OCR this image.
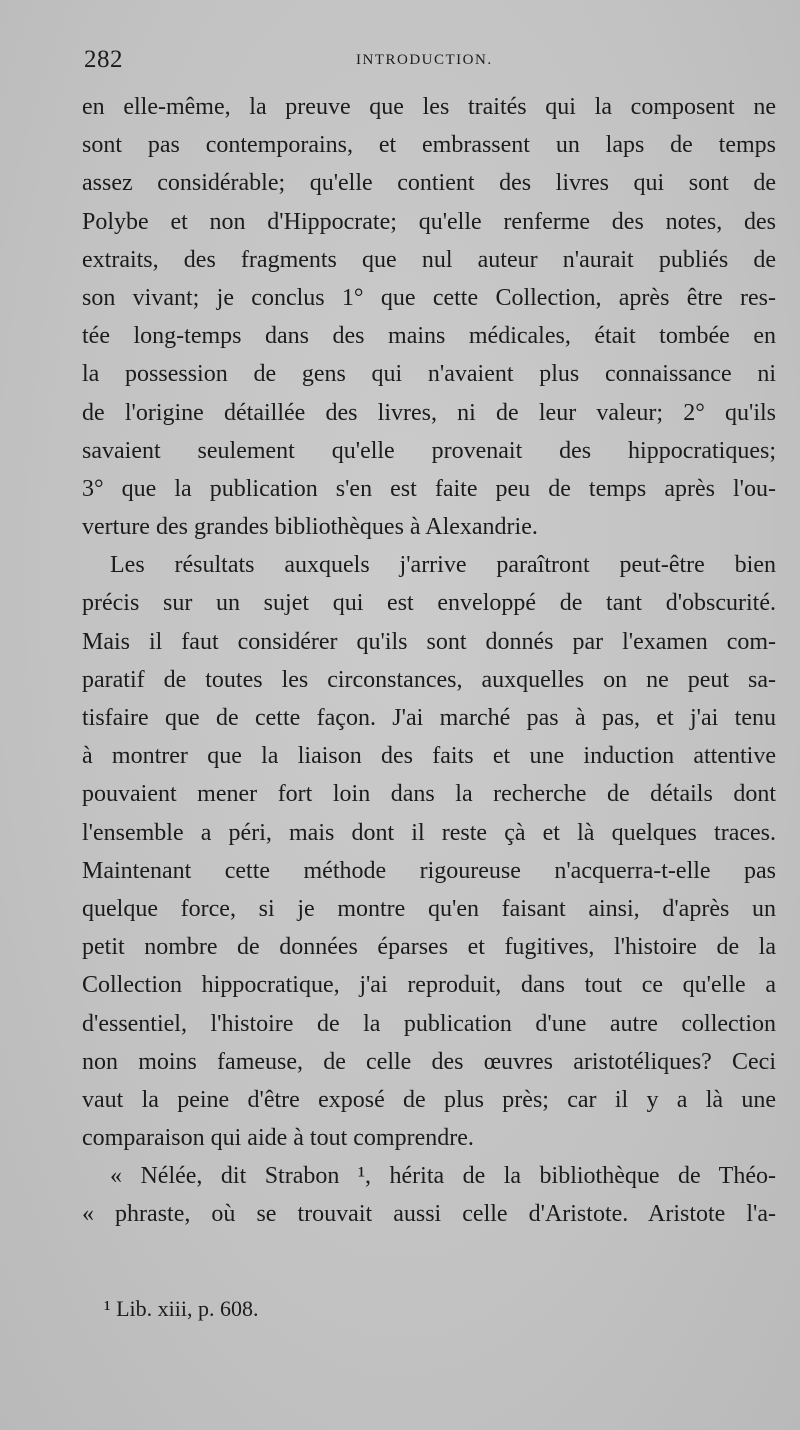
282	INTRODUCTION.
en elle-même, la preuve que les traités qui la composent ne
sont pas contemporains, et embrassent un laps de temps
assez considérable; qu'elle contient des livres qui sont de
Polybe et non d'Hippocrate; qu'elle renferme des notes, des
extraits, des fragments que nul auteur n'aurait publiés de
son vivant; je conclus 1° que cette Collection, après être res-
tée long-temps dans des mains médicales, était tombée en
la possession de gens qui n'avaient plus connaissance ni
de l'origine détaillée des livres, ni de leur valeur; 2° qu'ils
savaient seulement qu'elle provenait des hippocratiques;
3° que la publication s'en est faite peu de temps après l'ou-
verture des grandes bibliothèques à Alexandrie.
Les résultats auxquels j'arrive paraîtront peut-être bien
précis sur un sujet qui est enveloppé de tant d'obscurité.
Mais il faut considérer qu'ils sont donnés par l'examen com-
paratif de toutes les circonstances, auxquelles on ne peut sa-
tisfaire que de cette façon. J'ai marché pas à pas, et j'ai tenu
à montrer que la liaison des faits et une induction attentive
pouvaient mener fort loin dans la recherche de détails dont
l'ensemble a péri, mais dont il reste çà et là quelques traces.
Maintenant cette méthode rigoureuse n'acquerra-t-elle pas
quelque force, si je montre qu'en faisant ainsi, d'après un
petit nombre de données éparses et fugitives, l'histoire de la
Collection hippocratique, j'ai reproduit, dans tout ce qu'elle a
d'essentiel, l'histoire de la publication d'une autre collection
non moins fameuse, de celle des œuvres aristotéliques? Ceci
vaut la peine d'être exposé de plus près; car il y a là une
comparaison qui aide à tout comprendre.
« Nélée, dit Strabon ¹, hérita de la bibliothèque de Théo-
« phraste, où se trouvait aussi celle d'Aristote. Aristote l'a-
¹ Lib. xiii, p. 608.
